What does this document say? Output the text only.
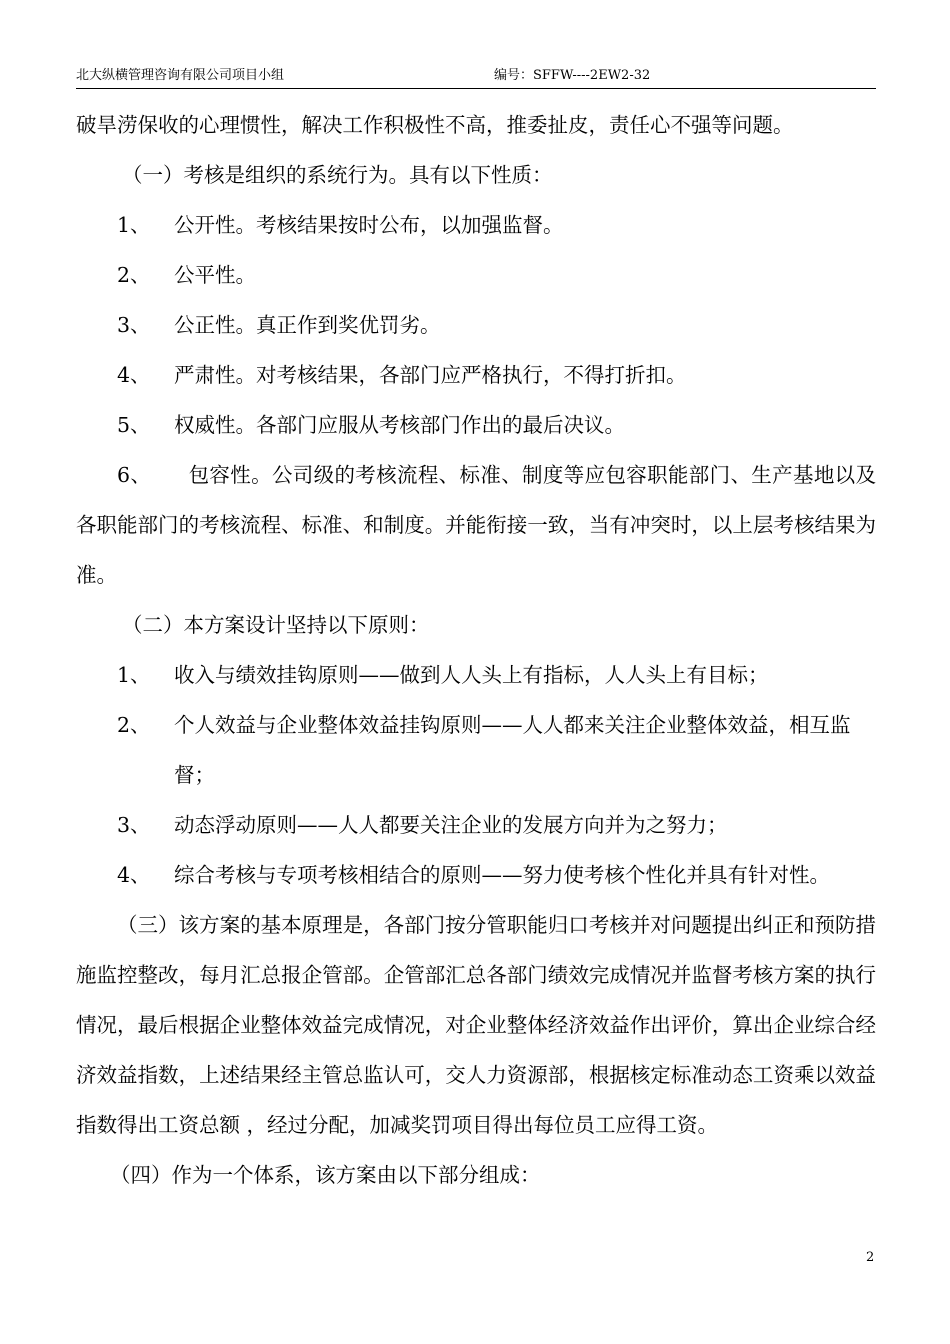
北大纵横管理咨询有限公司项目小组	编号：SFFW----2EW2-32

破旱涝保收的心理惯性，解决工作积极性不高，推委扯皮，责任心不强等问题。

（一）考核是组织的系统行为。具有以下性质：

1、	公开性。考核结果按时公布，以加强监督。
2、	公平性。
3、	公正性。真正作到奖优罚劣。
4、	严肃性。对考核结果，各部门应严格执行，不得打折扣。
5、	权威性。各部门应服从考核部门作出的最后决议。

6、 包容性。公司级的考核流程、标准、制度等应包容职能部门、生产基地以及各职能部门的考核流程、标准、和制度。并能衔接一致，当有冲突时，以上层考核结果为准。

（二）本方案设计坚持以下原则：

1、	收入与绩效挂钩原则——做到人人头上有指标，人人头上有目标；
2、	个人效益与企业整体效益挂钩原则——人人都来关注企业整体效益，相互监督；
3、	动态浮动原则——人人都要关注企业的发展方向并为之努力；
4、	综合考核与专项考核相结合的原则——努力使考核个性化并具有针对性。

（三）该方案的基本原理是，各部门按分管职能归口考核并对问题提出纠正和预防措施监控整改，每月汇总报企管部。企管部汇总各部门绩效完成情况并监督考核方案的执行情况，最后根据企业整体效益完成情况，对企业整体经济效益作出评价，算出企业综合经济效益指数，上述结果经主管总监认可，交人力资源部，根据核定标准动态工资乘以效益指数得出工资总额 ，经过分配，加减奖罚项目得出每位员工应得工资。

（四）作为一个体系，该方案由以下部分组成：

2
